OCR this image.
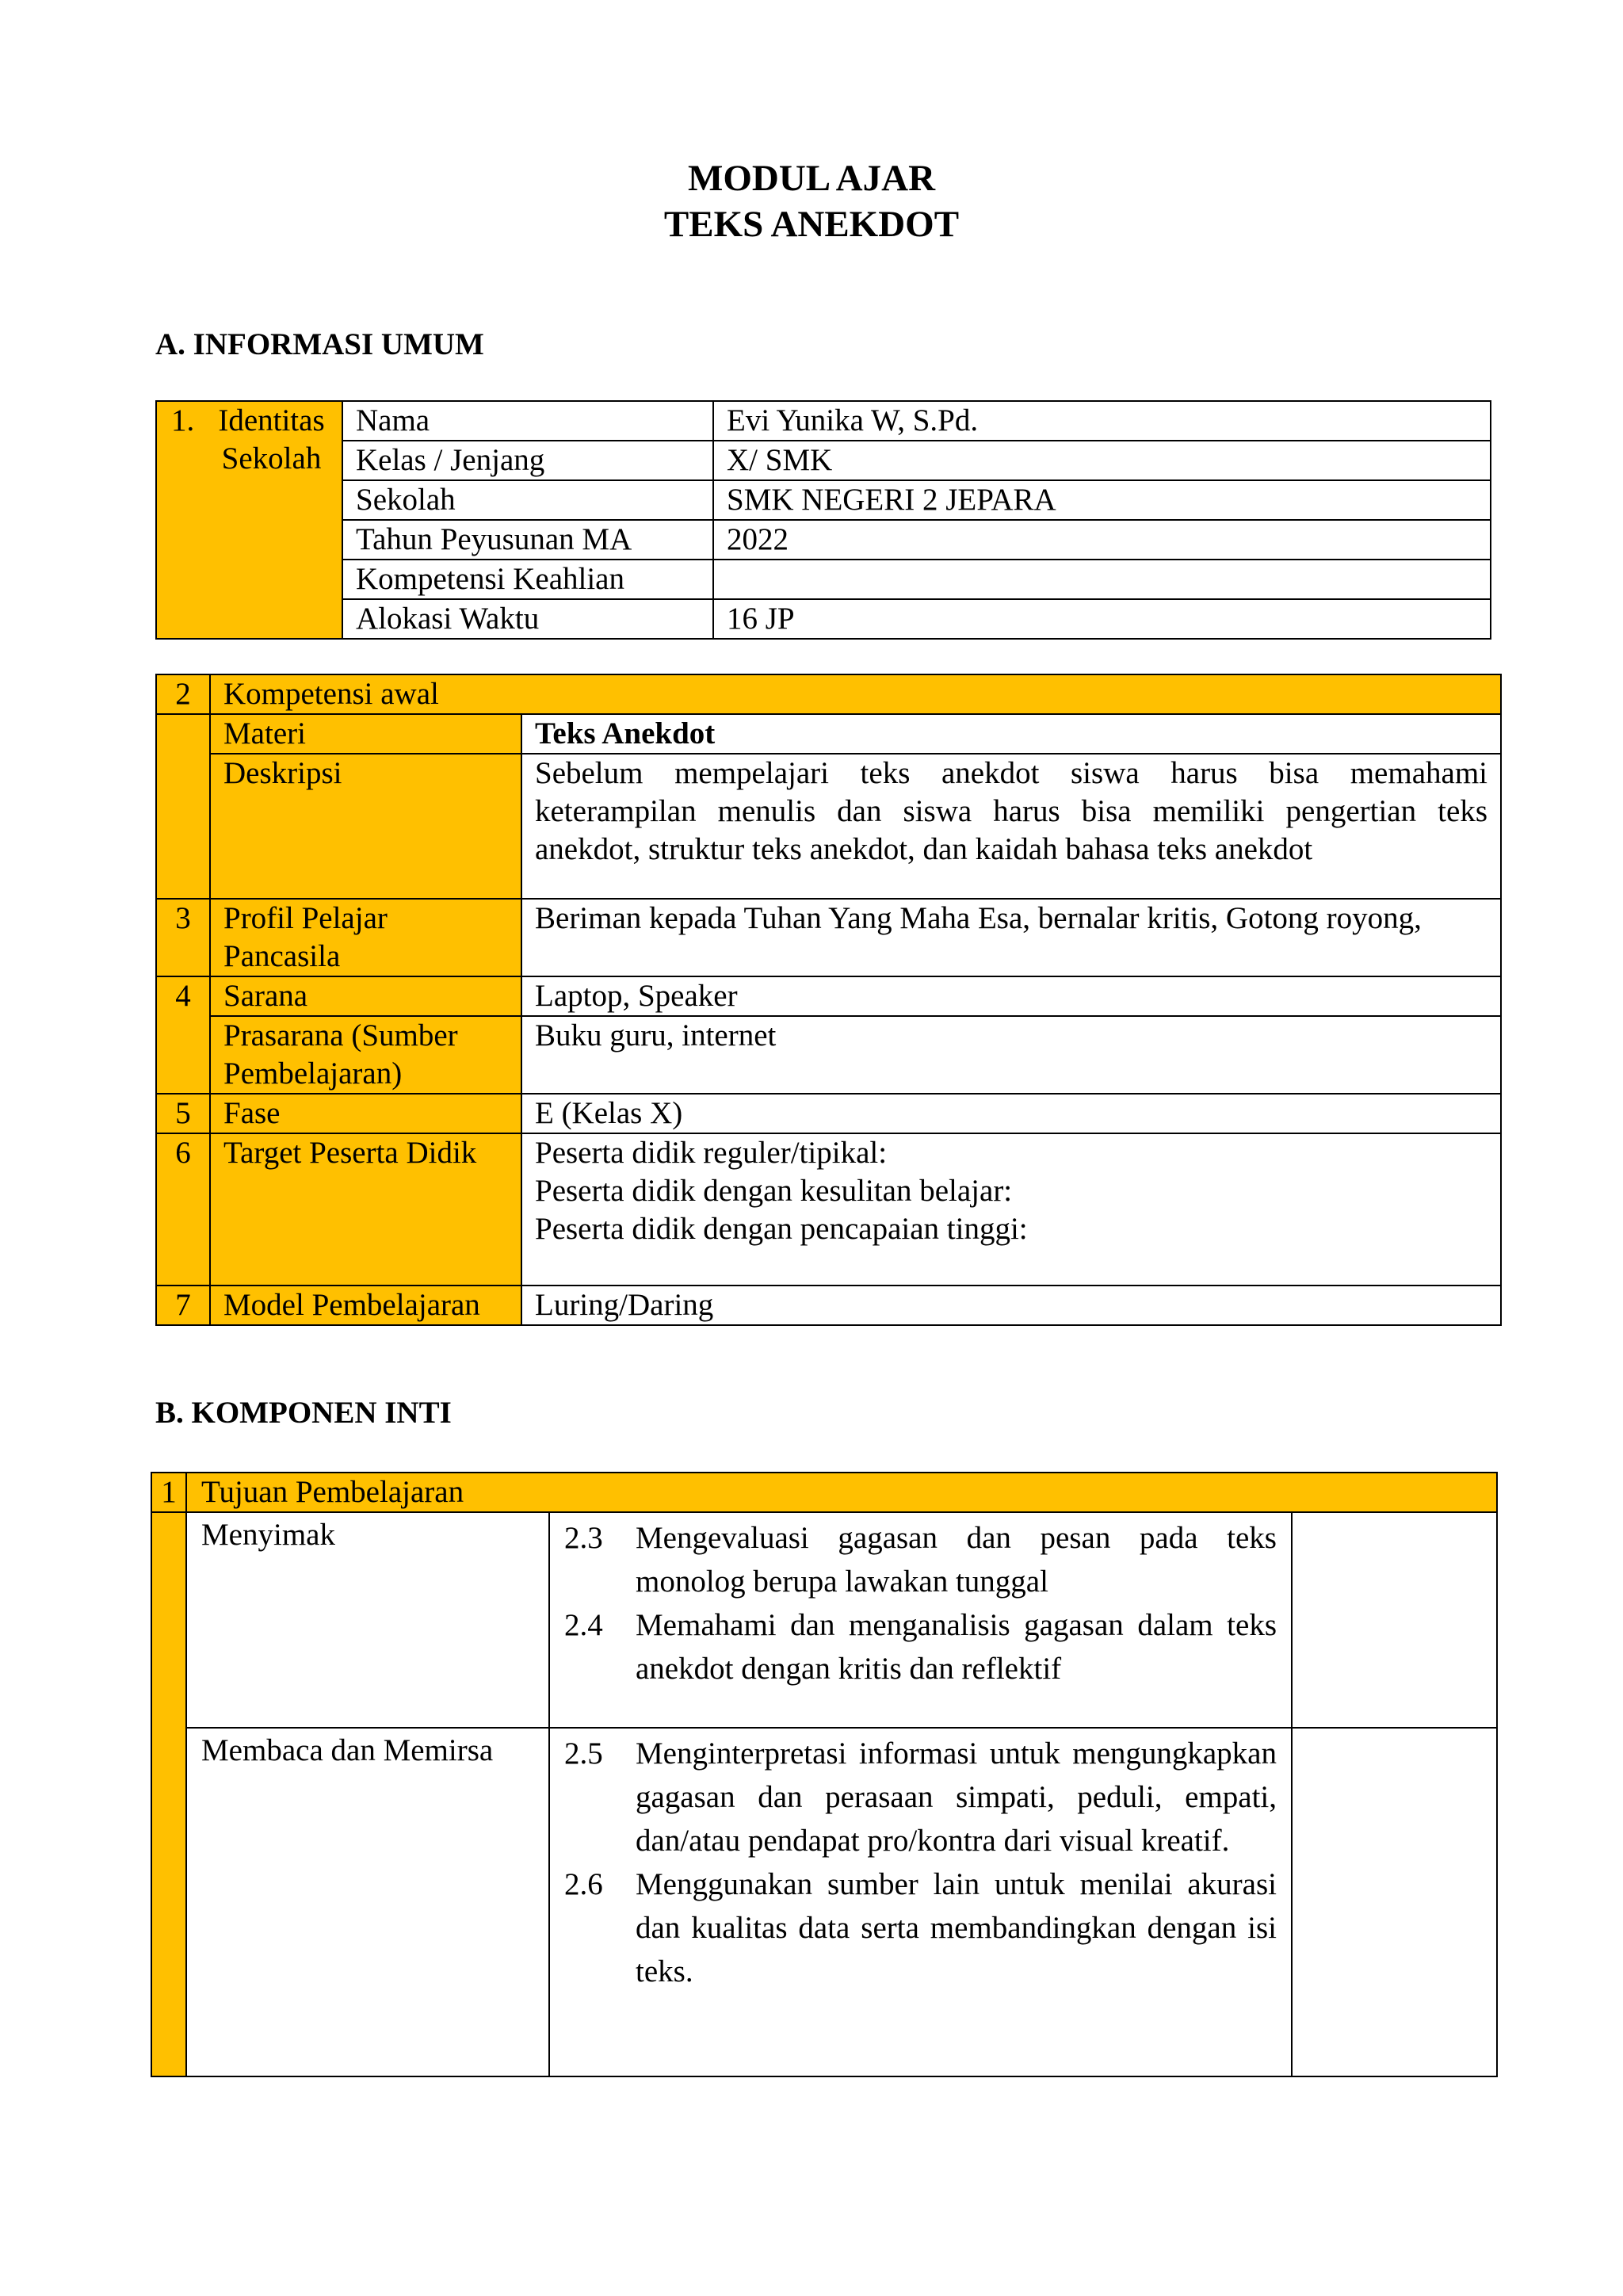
MODUL AJAR
TEKS ANEKDOT
A. INFORMASI UMUM
1. Identitas Sekolah	Nama	Evi Yunika W, S.Pd.
	Kelas / Jenjang	X/ SMK
	Sekolah	SMK NEGERI 2 JEPARA
	Tahun Peyusunan MA	2022
	Kompetensi Keahlian	
	Alokasi Waktu	16 JP
2	Kompetensi awal	
	Materi	Teks Anekdot
	Deskripsi	Sebelum mempelajari teks anekdot siswa harus bisa memahami keterampilan menulis dan siswa harus bisa memiliki pengertian teks anekdot, struktur teks anekdot, dan kaidah bahasa teks anekdot
3	Profil Pelajar Pancasila	Beriman kepada Tuhan Yang Maha Esa, bernalar kritis, Gotong royong,
4	Sarana	Laptop, Speaker
	Prasarana (Sumber Pembelajaran)	Buku guru, internet
5	Fase	E (Kelas X)
6	Target Peserta Didik	Peserta didik reguler/tipikal:
Peserta didik dengan kesulitan belajar:
Peserta didik dengan pencapaian tinggi:

7	Model Pembelajaran	Luring/Daring
B. KOMPONEN INTI
1	Tujuan Pembelajaran		
	Menyimak	2.3 Mengevaluasi gagasan dan pesan pada teks monolog berupa lawakan tunggal
2.4 Memahami dan menganalisis gagasan dalam teks anekdot dengan kritis dan reflektif	

	Membaca dan Memirsa	2.5 Menginterpretasi informasi untuk mengungkapkan gagasan dan perasaan simpati, peduli, empati, dan/atau pendapat pro/kontra dari visual kreatif.
2.6 Menggunakan sumber lain untuk menilai akurasi dan kualitas data serta membandingkan dengan isi teks.	
